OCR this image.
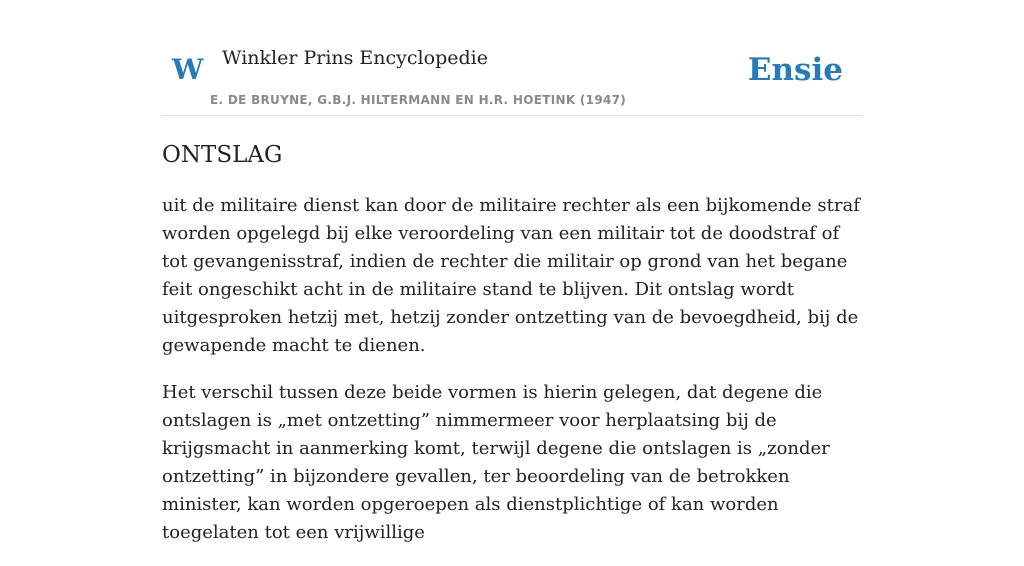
W Winkler Prins Encyclopedie
E. DE BRUYNE, G.B.J. HILTERMANN EN H.R. HOETINK (1947)
Ensie
ONTSLAG

uit de militaire dienst kan door de militaire rechter als een bijkomende straf worden opgelegd bij elke veroordeling van een militair tot de doodstraf of tot gevangenisstraf, indien de rechter die militair op grond van het begane feit ongeschikt acht in de militaire stand te blijven. Dit ontslag wordt uitgesproken hetzij met, hetzij zonder ontzetting van de bevoegdheid, bij de gewapende macht te dienen.

Het verschil tussen deze beide vormen is hierin gelegen, dat degene die ontslagen is „met ontzetting” nimmermeer voor herplaatsing bij de krijgsmacht in aanmerking komt, terwijl degene die ontslagen is „zonder ontzetting” in bijzondere gevallen, ter beoordeling van de betrokken minister, kan worden opgeroepen als dienstplichtige of kan worden toegelaten tot een vrijwillige
